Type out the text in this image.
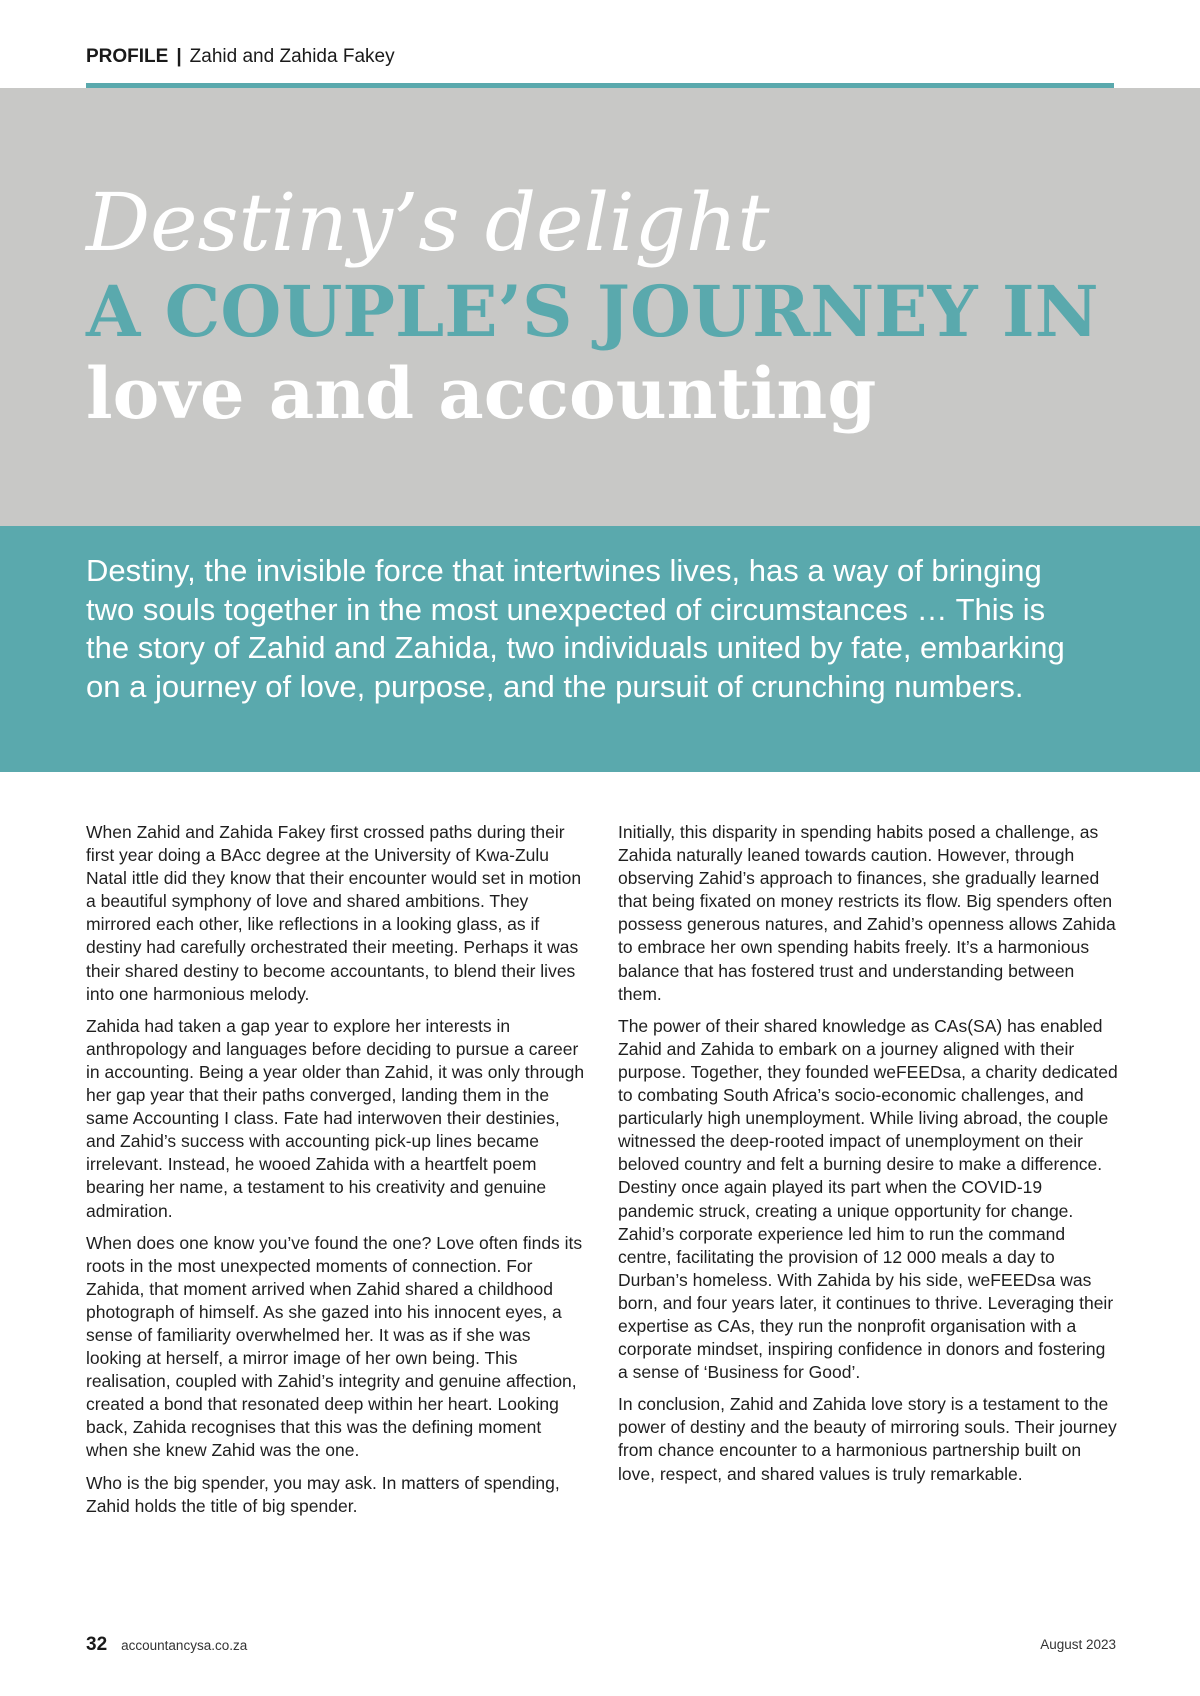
PROFILE | Zahid and Zahida Fakey
Destiny’s delight
A COUPLE’S JOURNEY IN
love and accounting

Destiny, the invisible force that intertwines lives, has a way of bringing two souls together in the most unexpected of circumstances … This is the story of Zahid and Zahida, two individuals united by fate, embarking on a journey of love, purpose, and the pursuit of crunching numbers.

When Zahid and Zahida Fakey first crossed paths during their first year doing a BAcc degree at the University of Kwa-Zulu Natal ittle did they know that their encounter would set in motion a beautiful symphony of love and shared ambitions. They mirrored each other, like reflections in a looking glass, as if destiny had carefully orchestrated their meeting. Perhaps it was their shared destiny to become accountants, to blend their lives into one harmonious melody.

Zahida had taken a gap year to explore her interests in anthropology and languages before deciding to pursue a career in accounting. Being a year older than Zahid, it was only through her gap year that their paths converged, landing them in the same Accounting I class. Fate had interwoven their destinies, and Zahid’s success with accounting pick-up lines became irrelevant. Instead, he wooed Zahida with a heartfelt poem bearing her name, a testament to his creativity and genuine admiration.

When does one know you’ve found the one? Love often finds its roots in the most unexpected moments of connection. For Zahida, that moment arrived when Zahid shared a childhood photograph of himself. As she gazed into his innocent eyes, a sense of familiarity overwhelmed her. It was as if she was looking at herself, a mirror image of her own being. This realisation, coupled with Zahid’s integrity and genuine affection, created a bond that resonated deep within her heart. Looking back, Zahida recognises that this was the defining moment when she knew Zahid was the one.

Who is the big spender, you may ask. In matters of spending, Zahid holds the title of big spender.

Initially, this disparity in spending habits posed a challenge, as Zahida naturally leaned towards caution. However, through observing Zahid’s approach to finances, she gradually learned that being fixated on money restricts its flow. Big spenders often possess generous natures, and Zahid’s openness allows Zahida to embrace her own spending habits freely. It’s a harmonious balance that has fostered trust and understanding between them.

The power of their shared knowledge as CAs(SA) has enabled Zahid and Zahida to embark on a journey aligned with their purpose. Together, they founded weFEEDsa, a charity dedicated to combating South Africa’s socio-economic challenges, and particularly high unemployment. While living abroad, the couple witnessed the deep-rooted impact of unemployment on their beloved country and felt a burning desire to make a difference. Destiny once again played its part when the COVID-19 pandemic struck, creating a unique opportunity for change. Zahid’s corporate experience led him to run the command centre, facilitating the provision of 12 000 meals a day to Durban’s homeless. With Zahida by his side, weFEEDsa was born, and four years later, it continues to thrive. Leveraging their expertise as CAs, they run the nonprofit organisation with a corporate mindset, inspiring confidence in donors and fostering a sense of ‘Business for Good’.

In conclusion, Zahid and Zahida love story is a testament to the power of destiny and the beauty of mirroring souls. Their journey from chance encounter to a harmonious partnership built on love, respect, and shared values is truly remarkable.

32 accountancysa.co.za	August 2023
